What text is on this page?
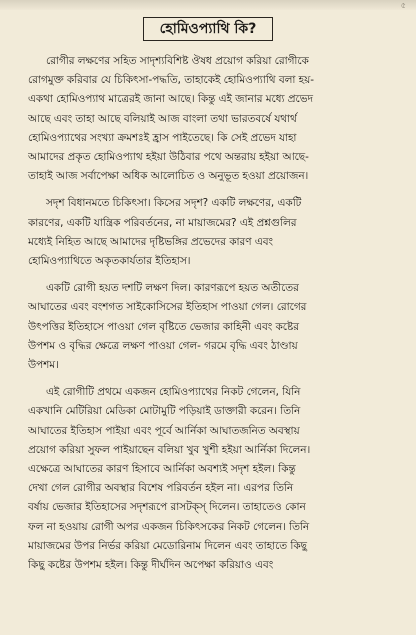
৫
হোমিওপ্যাথি কি?

রোগীর লক্ষণের সহিত সাদৃশ্যবিশিষ্ট ঔষধ প্রয়োগ করিয়া রোগীকে
রোগমুক্ত করিবার যে চিকিৎসা-পদ্ধতি, তাহাকেই হোমিওপ্যাথি বলা হয়-
একথা হোমিওপ্যাথ মাত্রেরই জানা আছে। কিন্তু এই জানার মধ্যে প্রভেদ
আছে এবং তাহা আছে বলিয়াই আজ বাংলা তথা ভারতবর্ষে যথার্থ
হোমিওপ্যাথের সংখ্যা ক্রমশঃই হ্রাস পাইতেছে। কি সেই প্রভেদ যাহা
আমাদের প্রকৃত হোমিওপ্যাথ হইয়া উঠিবার পথে অন্তরায় হইয়া আছে-
তাহাই আজ সর্বাপেক্ষা অধিক আলোচিত ও অনুভূত হওয়া প্রয়োজন।

সদৃশ বিধানমতে চিকিৎসা। কিসের সদৃশ? একটি লক্ষণের, একটি
কারণের, একটি যান্ত্রিক পরিবর্তনের, না মায়াজমের? এই প্রশ্নগুলির
মধ্যেই নিহিত আছে আমাদের দৃষ্টিভঙ্গির প্রভেদের কারণ এবং
হোমিওপ্যাথিতে অকৃতকার্যতার ইতিহাস।

একটি রোগী হয়ত দশটি লক্ষণ দিল। কারণরূপে হয়ত অতীতের
আঘাতের এবং বংশগত সাইকোসিসের ইতিহাস পাওয়া গেল। রোগের
উৎপত্তির ইতিহাসে পাওয়া গেল বৃষ্টিতে ভেজার কাহিনী এবং কষ্টের
উপশম ও বৃদ্ধির ক্ষেত্রে লক্ষণ পাওয়া গেল- গরমে বৃদ্ধি এবং ঠাণ্ডায়
উপশম।

এই রোগীটি প্রথমে একজন হোমিওপ্যাথের নিকট গেলেন, যিনি
একখানি মেটিরিয়া মেডিকা মোটামুটি পড়িয়াই ডাক্তারী করেন। তিনি
আঘাতের ইতিহাস পাইয়া এবং পূর্বে আর্নিকা আঘাতজনিত অবস্থায়
প্রয়োগ করিয়া সুফল পাইয়াছেন বলিয়া খুব খুশী হইয়া আর্নিকা দিলেন।
এক্ষেত্রে আঘাতের কারণ হিসাবে আর্নিকা অবশ্যই সদৃশ হইল। কিন্তু
দেখা গেল রোগীর অবস্থার বিশেষ পরিবর্তন হইল না। এরপর তিনি
বর্ষায় ভেজার ইতিহাসের সদৃশরূপে রাসটক্স্‌ দিলেন। তাহাতেও কোন
ফল না হওয়ায় রোগী অপর একজন চিকিৎসকের নিকট গেলেন। তিনি
মায়াজমের উপর নির্ভর করিয়া মেডোরিনাম দিলেন এবং তাহাতে কিছু
কিছু কষ্টের উপশম হইল। কিন্তু দীর্ঘদিন অপেক্ষা করিয়াও এবং
